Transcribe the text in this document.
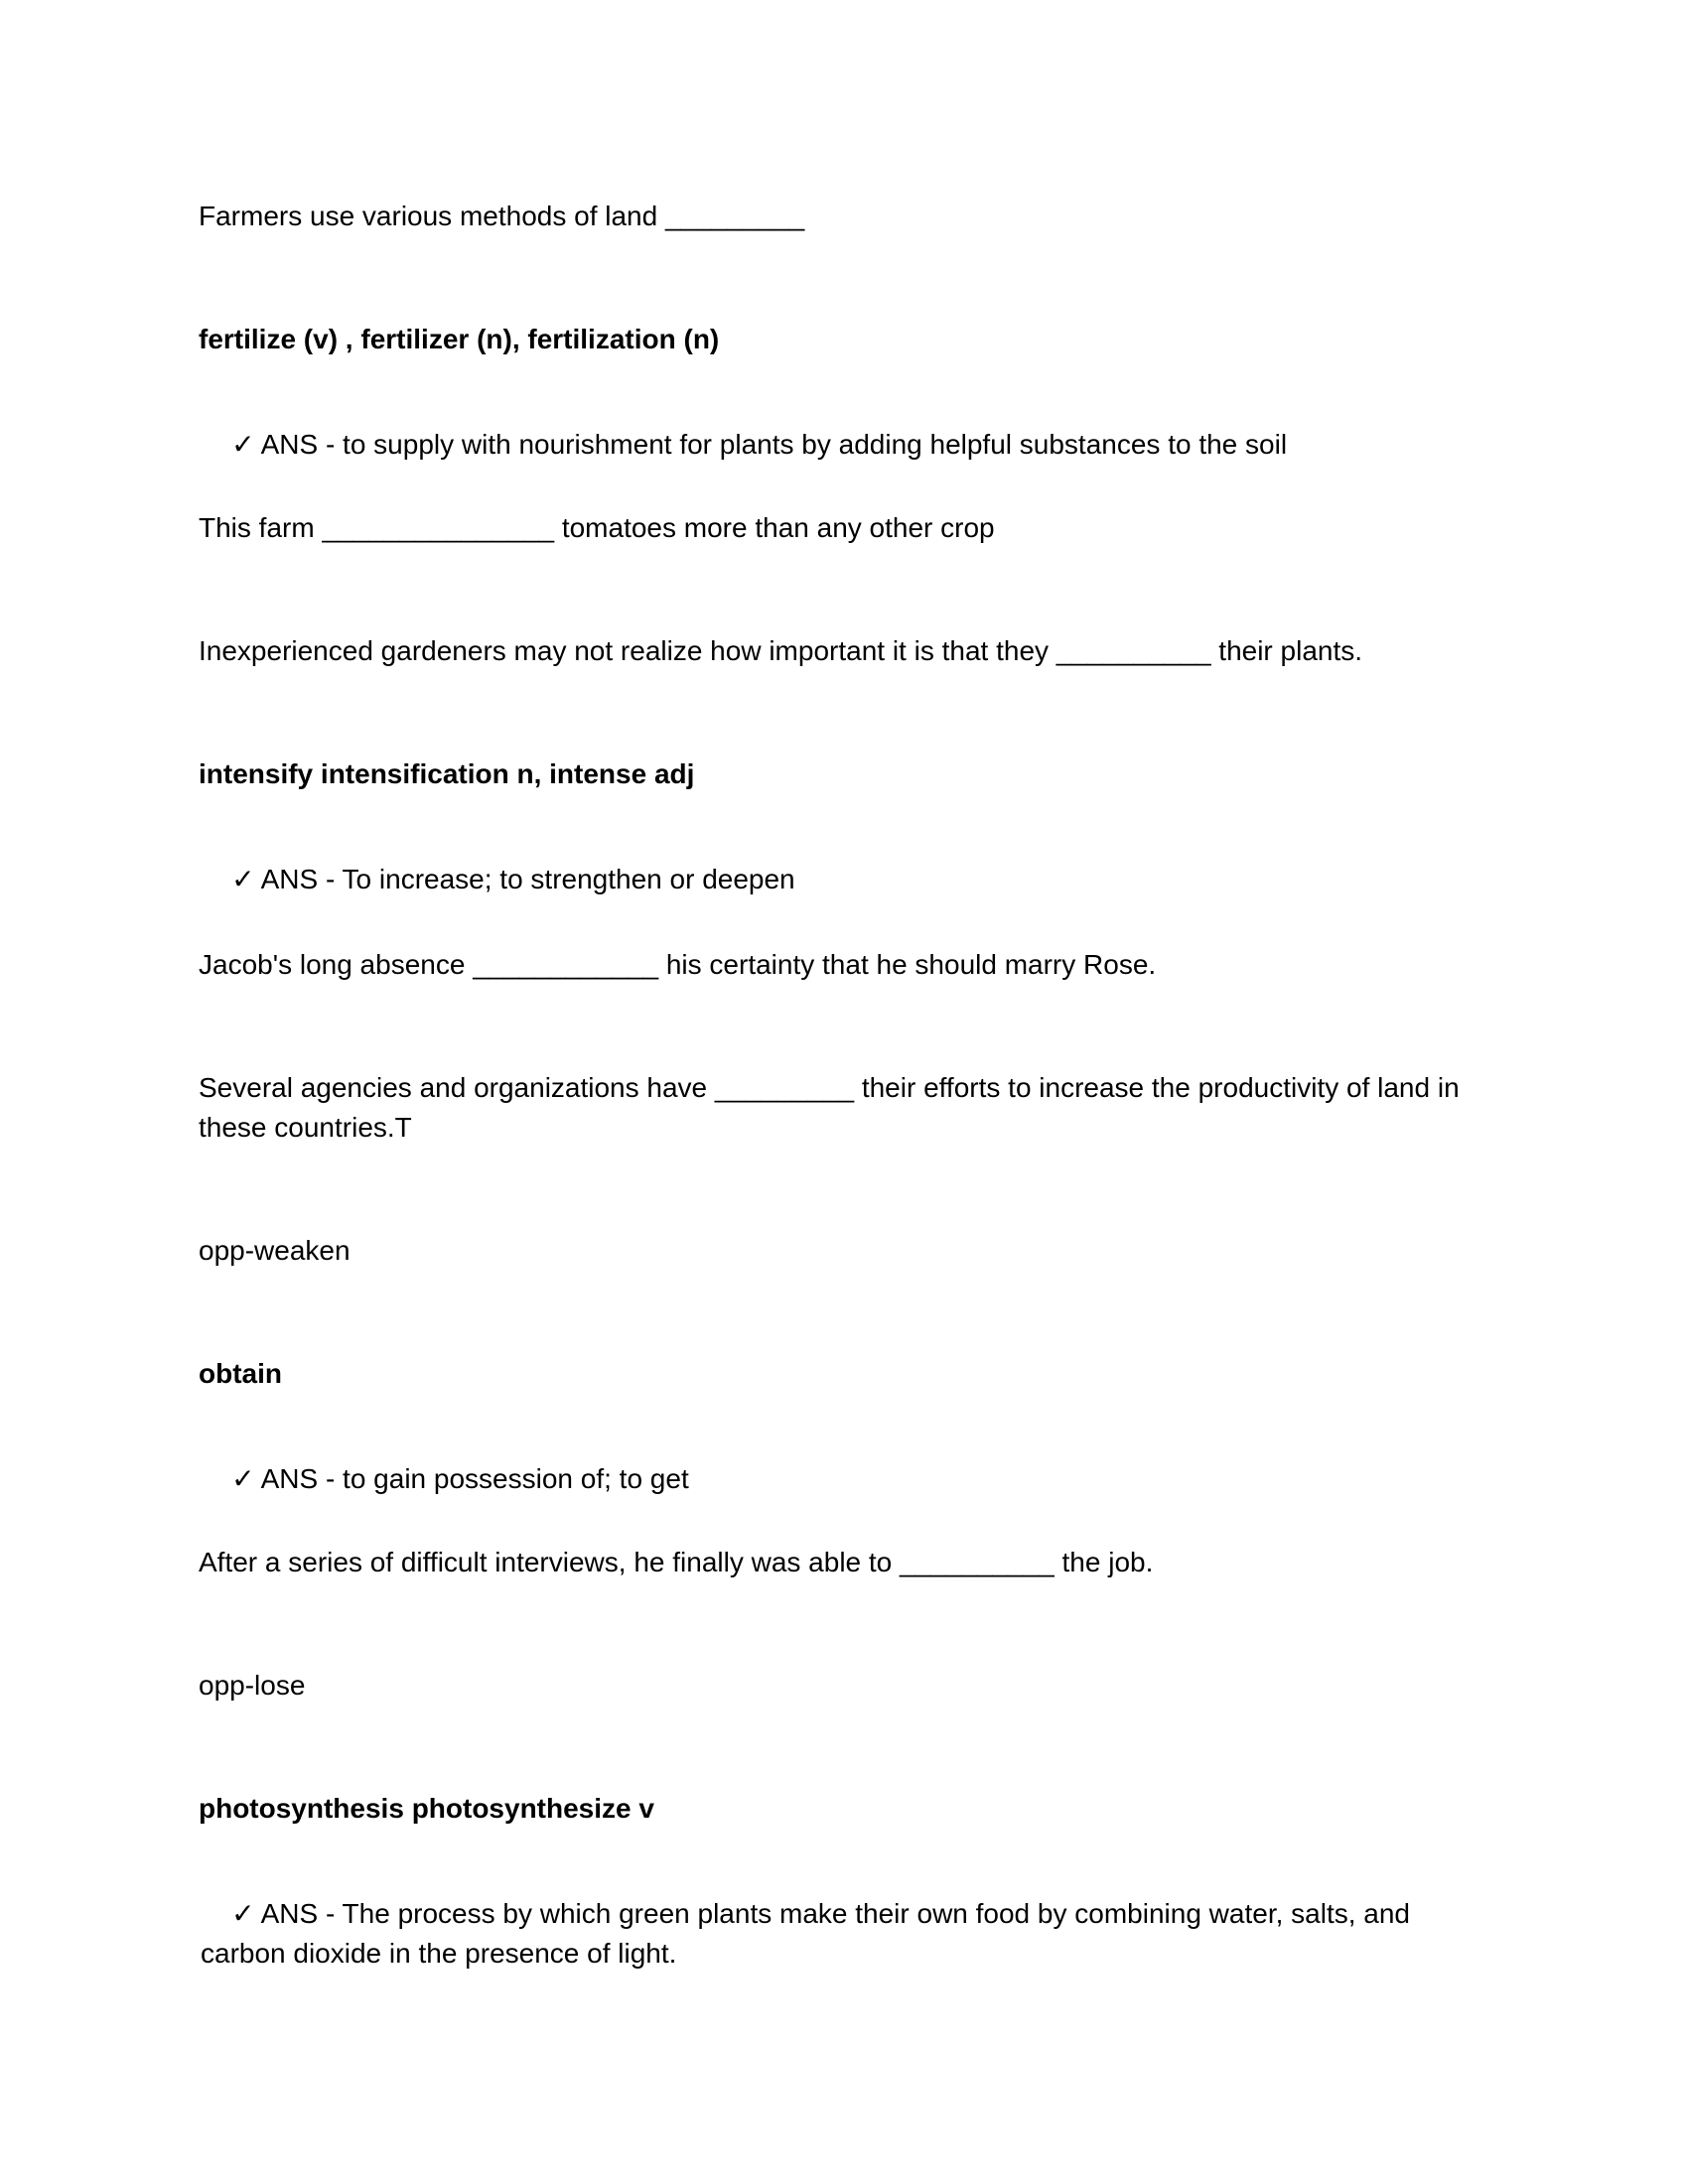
Farmers use various methods of land _________
fertilize (v) , fertilizer (n), fertilization (n)

✓ ANS - to supply with nourishment for plants by adding helpful substances to the soil

This farm _______________ tomatoes more than any other crop
Inexperienced gardeners may not realize how important it is that they __________ their plants.
intensify intensification n, intense adj

✓ ANS - To increase; to strengthen or deepen

Jacob's long absence ____________ his certainty that he should marry Rose.
Several agencies and organizations have _________ their efforts to increase the productivity of land in these countries.T
opp-weaken
obtain

✓ ANS - to gain possession of; to get

After a series of difficult interviews, he finally was able to __________ the job.
opp-lose
photosynthesis photosynthesize v

✓ ANS - The process by which green plants make their own food by combining water, salts, and carbon dioxide in the presence of light.
